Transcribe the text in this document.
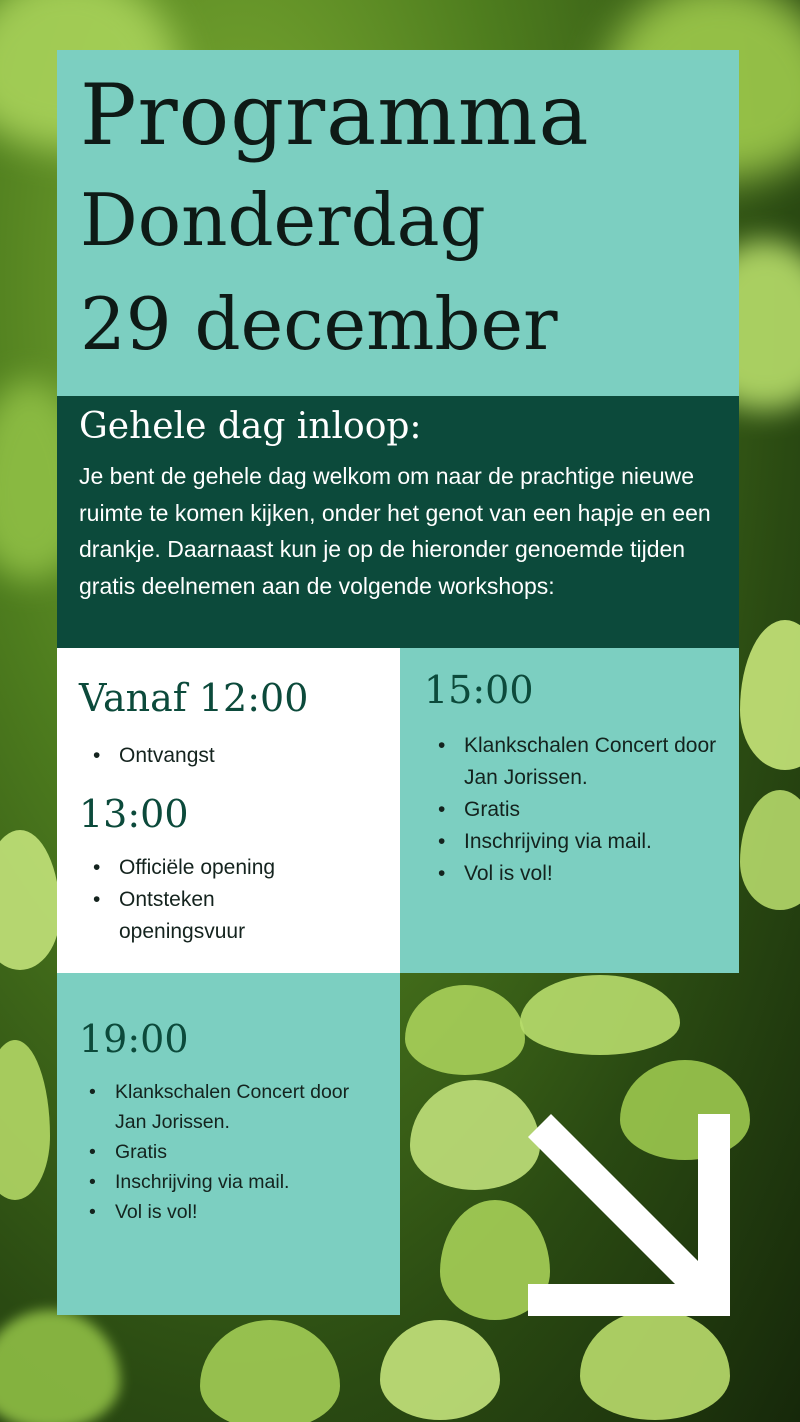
Programma
Donderdag
29 december
Gehele dag inloop:
Je bent de gehele dag welkom om naar de prachtige nieuwe ruimte te komen kijken, onder het genot van een hapje en een drankje. Daarnaast kun je op de hieronder genoemde tijden gratis deelnemen aan de volgende workshops:
Vanaf 12:00
• Ontvangst
13:00
• Officiële opening
• Ontsteken openingsvuur
15:00
• Klankschalen Concert door Jan Jorissen.
• Gratis
• Inschrijving via mail.
• Vol is vol!
19:00
• Klankschalen Concert door Jan Jorissen.
• Gratis
• Inschrijving via mail.
• Vol is vol!
